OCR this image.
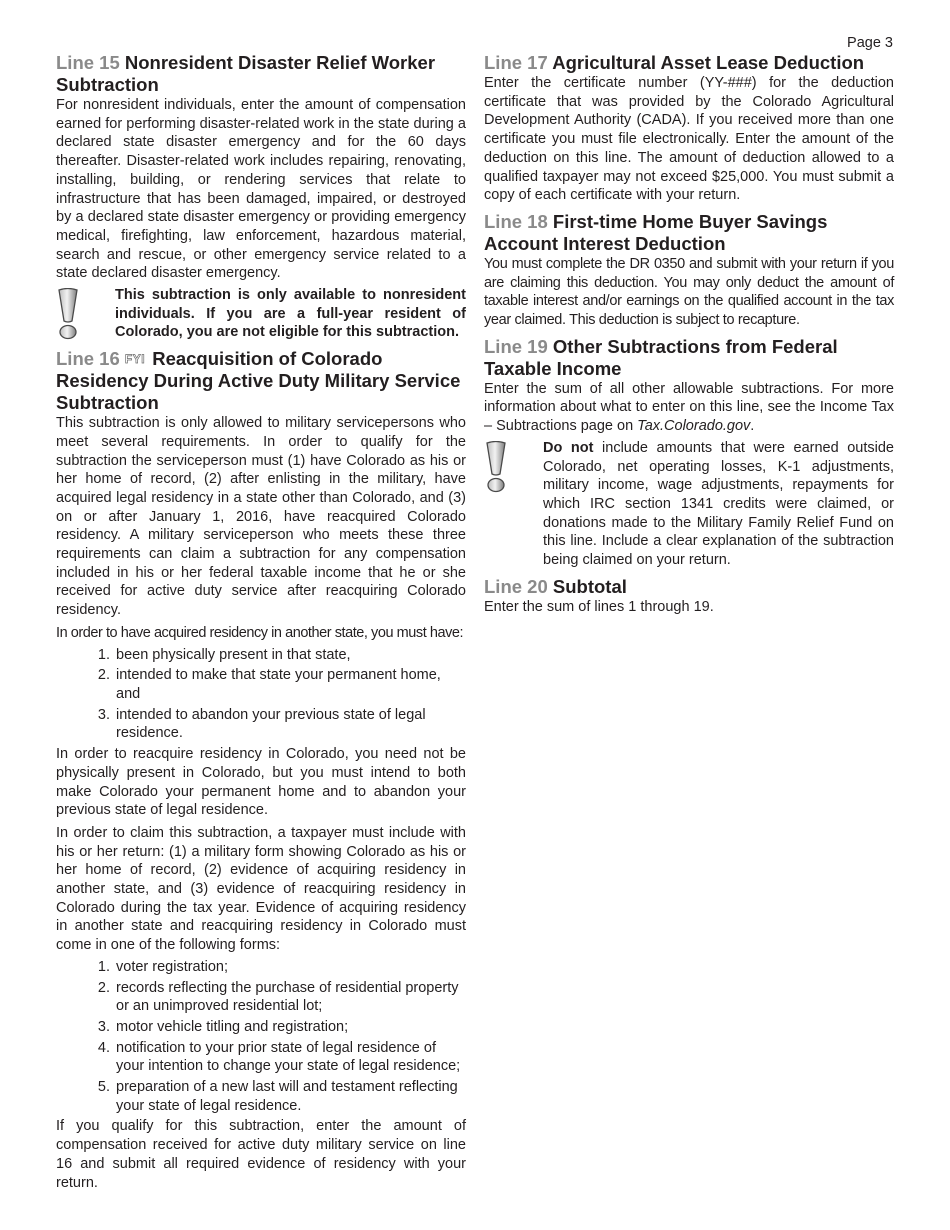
Page 3
Line 15 Nonresident Disaster Relief Worker Subtraction

For nonresident individuals, enter the amount of compensation earned for performing disaster-related work in the state during a declared state disaster emergency and for the 60 days thereafter. Disaster-related work includes repairing, renovating, installing, building, or rendering services that relate to infrastructure that has been damaged, impaired, or destroyed by a declared state disaster emergency or providing emergency medical, firefighting, law enforcement, hazardous material, search and rescue, or other emergency service related to a state declared disaster emergency.

This subtraction is only available to nonresident individuals. If you are a full-year resident of Colorado, you are not eligible for this subtraction.

Line 16 FYI Reacquisition of Colorado Residency During Active Duty Military Service Subtraction

This subtraction is only allowed to military servicepersons who meet several requirements. In order to qualify for the subtraction the serviceperson must (1) have Colorado as his or her home of record, (2) after enlisting in the military, have acquired legal residency in a state other than Colorado, and (3) on or after January 1, 2016, have reacquired Colorado residency. A military serviceperson who meets these three requirements can claim a subtraction for any compensation included in his or her federal taxable income that he or she received for active duty service after reacquiring Colorado residency.

In order to have acquired residency in another state, you must have:

1. been physically present in that state,
2. intended to make that state your permanent home, and
3. intended to abandon your previous state of legal residence.

In order to reacquire residency in Colorado, you need not be physically present in Colorado, but you must intend to both make Colorado your permanent home and to abandon your previous state of legal residence.

In order to claim this subtraction, a taxpayer must include with his or her return: (1) a military form showing Colorado as his or her home of record, (2) evidence of acquiring residency in another state, and (3) evidence of reacquiring residency in Colorado during the tax year. Evidence of acquiring residency in another state and reacquiring residency in Colorado must come in one of the following forms:

1. voter registration;
2. records reflecting the purchase of residential property or an unimproved residential lot;
3. motor vehicle titling and registration;
4. notification to your prior state of legal residence of your intention to change your state of legal residence;
5. preparation of a new last will and testament reflecting your state of legal residence.

If you qualify for this subtraction, enter the amount of compensation received for active duty military service on line 16 and submit all required evidence of residency with your return.

Line 17 Agricultural Asset Lease Deduction

Enter the certificate number (YY-###) for the deduction certificate that was provided by the Colorado Agricultural Development Authority (CADA). If you received more than one certificate you must file electronically. Enter the amount of the deduction on this line. The amount of deduction allowed to a qualified taxpayer may not exceed $25,000. You must submit a copy of each certificate with your return.

Line 18 First-time Home Buyer Savings Account Interest Deduction

You must complete the DR 0350 and submit with your return if you are claiming this deduction. You may only deduct the amount of taxable interest and/or earnings on the qualified account in the tax year claimed. This deduction is subject to recapture.

Line 19 Other Subtractions from Federal Taxable Income

Enter the sum of all other allowable subtractions. For more information about what to enter on this line, see the Income Tax – Subtractions page on Tax.Colorado.gov.

Do not include amounts that were earned outside Colorado, net operating losses, K-1 adjustments, military income, wage adjustments, repayments for which IRC section 1341 credits were claimed, or donations made to the Military Family Relief Fund on this line. Include a clear explanation of the subtraction being claimed on your return.

Line 20 Subtotal

Enter the sum of lines 1 through 19.
